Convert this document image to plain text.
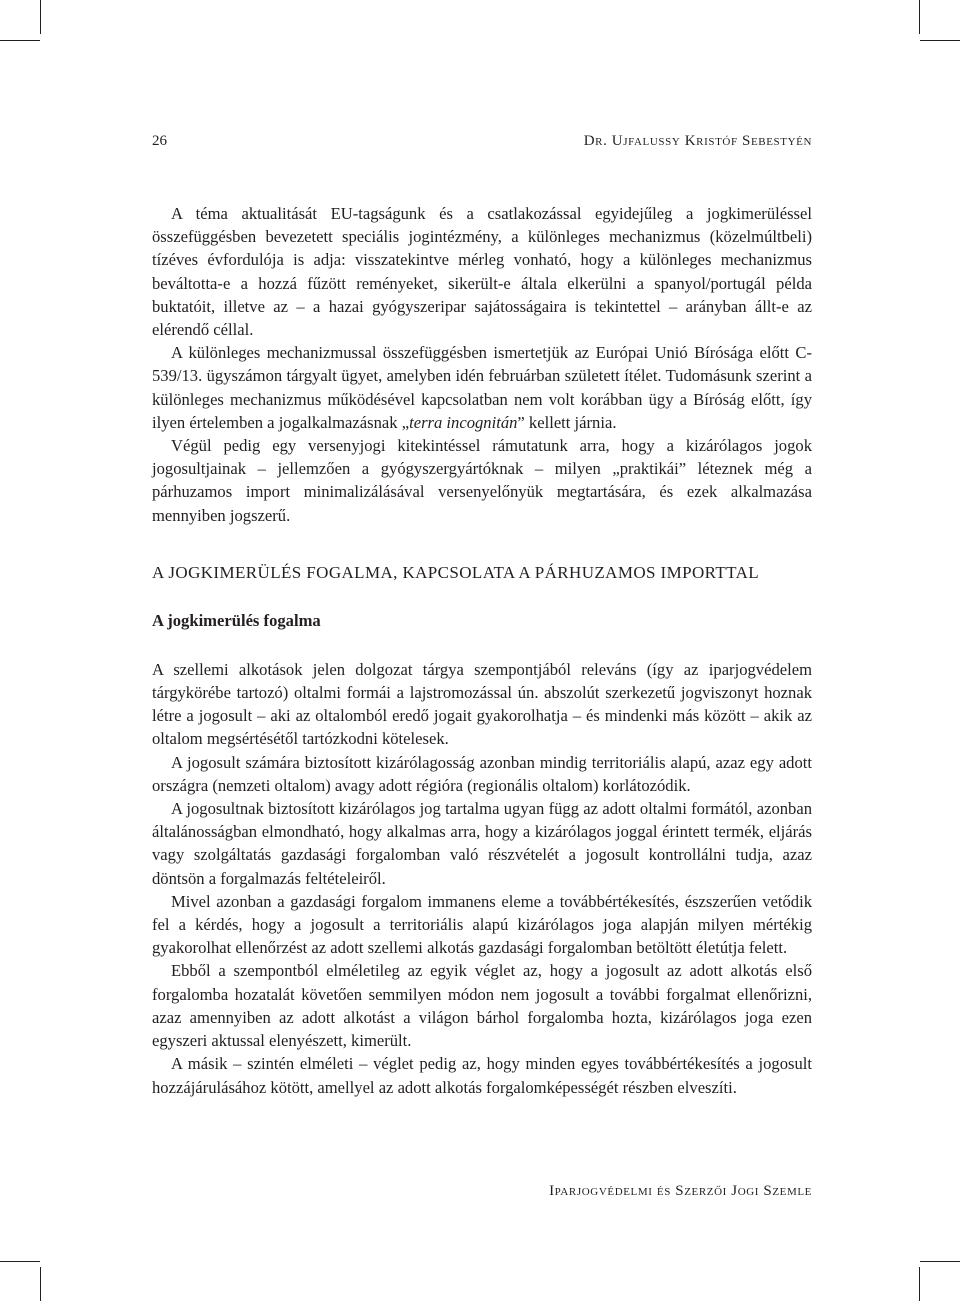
26	Dr. Ujfalussy Kristóf Sebestyén

A téma aktualitását EU-tagságunk és a csatlakozással egyidejűleg a jogkimerüléssel összefüggésben bevezetett speciális jogintézmény, a különleges mechanizmus (közelmúltbeli) tízéves évfordulója is adja: visszatekintve mérleg vonható, hogy a különleges mechanizmus beváltotta-e a hozzá fűzött reményeket, sikerült-e általa elkerülni a spanyol/portugál példa buktatóit, illetve az – a hazai gyógyszeripar sajátosságaira is tekintettel – arányban állt-e az elérendő céllal.

A különleges mechanizmussal összefüggésben ismertetjük az Európai Unió Bírósága előtt C-539/13. ügyszámon tárgyalt ügyet, amelyben idén februárban született ítélet. Tudomásunk szerint a különleges mechanizmus működésével kapcsolatban nem volt korábban ügy a Bíróság előtt, így ilyen értelemben a jogalkalmazásnak „terra incognitán” kellett járnia.

Végül pedig egy versenyjogi kitekintéssel rámutatunk arra, hogy a kizárólagos jogok jogosultjainak – jellemzően a gyógyszergyártóknak – milyen „praktikái” léteznek még a párhuzamos import minimalizálásával versenyelőnyük megtartására, és ezek alkalmazása mennyiben jogszerű.

A JOGKIMERÜLÉS FOGALMA, KAPCSOLATA A PÁRHUZAMOS IMPORTTAL
A jogkimerülés fogalma

A szellemi alkotások jelen dolgozat tárgya szempontjából releváns (így az iparjogvédelem tárgykörébe tartozó) oltalmi formái a lajstromozással ún. abszolút szerkezetű jogviszonyt hoznak létre a jogosult – aki az oltalomból eredő jogait gyakorolhatja – és mindenki más között – akik az oltalom megsértésétől tartózkodni kötelesek.

A jogosult számára biztosított kizárólagosság azonban mindig territoriális alapú, azaz egy adott országra (nemzeti oltalom) avagy adott régióra (regionális oltalom) korlátozódik.

A jogosultnak biztosított kizárólagos jog tartalma ugyan függ az adott oltalmi formától, azonban általánosságban elmondható, hogy alkalmas arra, hogy a kizárólagos joggal érintett termék, eljárás vagy szolgáltatás gazdasági forgalomban való részvételét a jogosult kontrollálni tudja, azaz döntsön a forgalmazás feltételeiről.

Mivel azonban a gazdasági forgalom immanens eleme a továbbértékesítés, észszerűen vetődik fel a kérdés, hogy a jogosult a territoriális alapú kizárólagos joga alapján milyen mértékig gyakorolhat ellenőrzést az adott szellemi alkotás gazdasági forgalomban betöltött életútja felett.

Ebből a szempontból elméletileg az egyik véglet az, hogy a jogosult az adott alkotás első forgalomba hozatalát követően semmilyen módon nem jogosult a további forgalmat ellenőrizni, azaz amennyiben az adott alkotást a világon bárhol forgalomba hozta, kizárólagos joga ezen egyszeri aktussal elenyészett, kimerült.

A másik – szintén elméleti – véglet pedig az, hogy minden egyes továbbértékesítés a jogosult hozzájárulásához kötött, amellyel az adott alkotás forgalomképességét részben elveszíti.

Iparjogvédelmi és Szerzői Jogi Szemle
